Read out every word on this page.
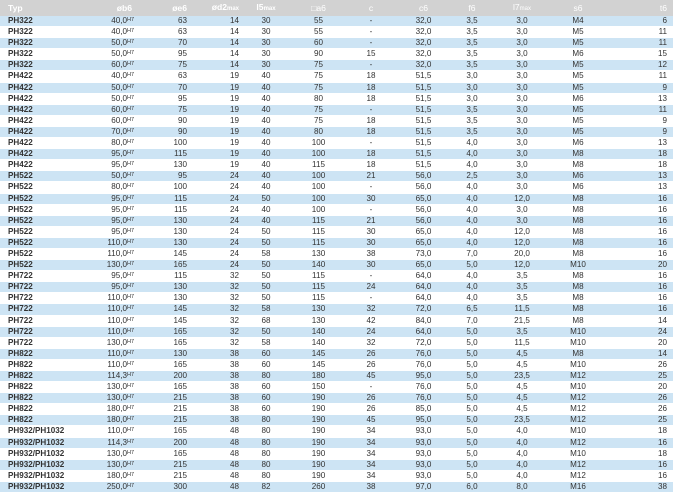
Typ	øb6	øe6	ød2max	l5max	□a6	c	c6	f6	l7max	s6	t6
PH322	$40,0^{H7}$	63	14	30	55	-	32,0	3,5	3,0	M4	6
PH322	$40,0^{H7}$	63	14	30	55	-	32,0	3,5	3,0	M5	11
PH322	$50,0^{H7}$	70	14	30	60	-	32,0	3,5	3,0	M5	11
PH322	$50,0^{H7}$	95	14	30	90	15	32,0	3,5	3,0	M6	15
PH322	$60,0^{H7}$	75	14	30	75	-	32,0	3,5	3,0	M5	12
PH422	$40,0^{H7}$	63	19	40	75	18	51,5	3,0	3,0	M5	11
PH422	$50,0^{H7}$	70	19	40	75	18	51,5	3,0	3,0	M5	9
PH422	$50,0^{H7}$	95	19	40	80	18	51,5	3,0	3,0	M6	13
PH422	$60,0^{H7}$	75	19	40	75	-	51,5	3,5	3,0	M5	11
PH422	$60,0^{H7}$	90	19	40	75	18	51,5	3,5	3,0	M5	9
PH422	$70,0^{H7}$	90	19	40	80	18	51,5	3,5	3,0	M5	9
PH422	$80,0^{H7}$	100	19	40	100	-	51,5	4,0	3,0	M6	13
PH422	$95,0^{H7}$	115	19	40	100	18	51,5	4,0	3,0	M8	18
PH422	$95,0^{H7}$	130	19	40	115	18	51,5	4,0	3,0	M8	18
PH522	$50,0^{H7}$	95	24	40	100	21	56,0	2,5	3,0	M6	13
PH522	$80,0^{H7}$	100	24	40	100	-	56,0	4,0	3,0	M6	13
PH522	$95,0^{H7}$	115	24	50	100	30	65,0	4,0	12,0	M8	16
PH522	$95,0^{H7}$	115	24	40	100	-	56,0	4,0	3,0	M8	16
PH522	$95,0^{H7}$	130	24	40	115	21	56,0	4,0	3,0	M8	16
PH522	$95,0^{H7}$	130	24	50	115	30	65,0	4,0	12,0	M8	16
PH522	$110,0^{H7}$	130	24	50	115	30	65,0	4,0	12,0	M8	16
PH522	$110,0^{H7}$	145	24	58	130	38	73,0	7,0	20,0	M8	16
PH522	$130,0^{H7}$	165	24	50	140	30	65,0	5,0	12,0	M10	20
PH722	$95,0^{H7}$	115	32	50	115	-	64,0	4,0	3,5	M8	16
PH722	$95,0^{H7}$	130	32	50	115	24	64,0	4,0	3,5	M8	16
PH722	$110,0^{H7}$	130	32	50	115	-	64,0	4,0	3,5	M8	16
PH722	$110,0^{H7}$	145	32	58	130	32	72,0	6,5	11,5	M8	16
PH722	$110,0^{H7}$	145	32	68	130	42	84,0	7,0	21,5	M8	14
PH722	$110,0^{H7}$	165	32	50	140	24	64,0	5,0	3,5	M10	24
PH722	$130,0^{H7}$	165	32	58	140	32	72,0	5,0	11,5	M10	20
PH822	$110,0^{H7}$	130	38	60	145	26	76,0	5,0	4,5	M8	14
PH822	$110,0^{H7}$	165	38	60	145	26	76,0	5,0	4,5	M10	26
PH822	$114,3^{H7}$	200	38	80	180	45	95,0	5,0	23,5	M12	25
PH822	$130,0^{H7}$	165	38	60	150	-	76,0	5,0	4,5	M10	20
PH822	$130,0^{H7}$	215	38	60	190	26	76,0	5,0	4,5	M12	26
PH822	$180,0^{H7}$	215	38	60	190	26	85,0	5,0	4,5	M12	26
PH822	$180,0^{H7}$	215	38	80	190	45	95,0	5,0	23,5	M12	25
PH932/PH1032	$110,0^{H7}$	165	48	80	190	34	93,0	5,0	4,0	M10	18
PH932/PH1032	$114,3^{H7}$	200	48	80	190	34	93,0	5,0	4,0	M12	16
PH932/PH1032	$130,0^{H7}$	165	48	80	190	34	93,0	5,0	4,0	M10	18
PH932/PH1032	$130,0^{H7}$	215	48	80	190	34	93,0	5,0	4,0	M12	16
PH932/PH1032	$180,0^{H7}$	215	48	80	190	34	93,0	5,0	4,0	M12	16
PH932/PH1032	$250,0^{H7}$	300	48	82	260	38	97,0	6,0	8,0	M16	38
